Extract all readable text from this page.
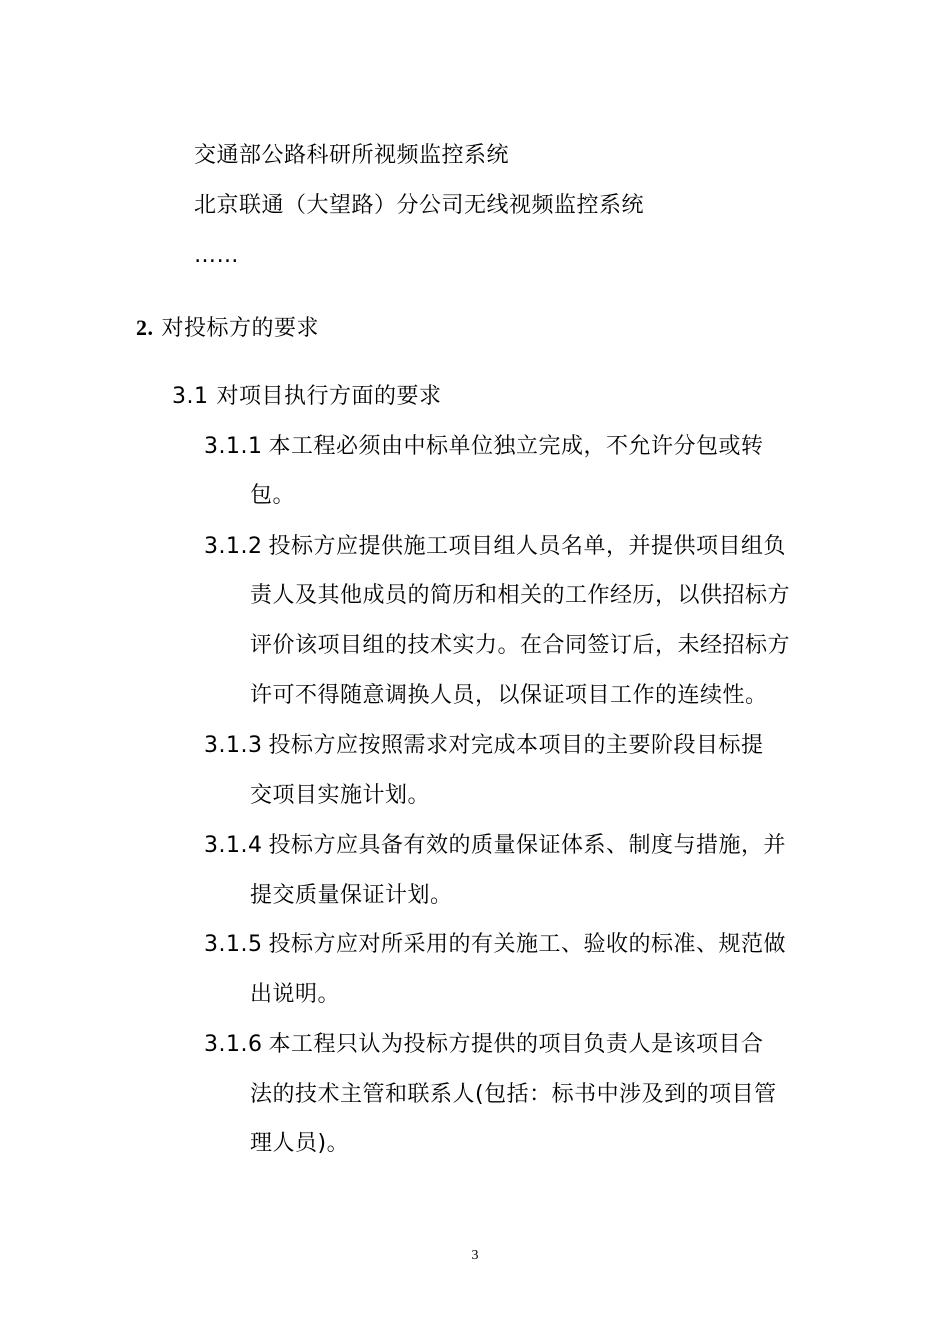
交通部公路科研所视频监控系统
北京联通（大望路）分公司无线视频监控系统
……
2. 对投标方的要求
3.1 对项目执行方面的要求
3.1.1 本工程必须由中标单位独立完成，不允许分包或转
包。
3.1.2 投标方应提供施工项目组人员名单，并提供项目组负
责人及其他成员的简历和相关的工作经历，以供招标方
评价该项目组的技术实力。在合同签订后，未经招标方
许可不得随意调换人员，以保证项目工作的连续性。
3.1.3 投标方应按照需求对完成本项目的主要阶段目标提
交项目实施计划。
3.1.4 投标方应具备有效的质量保证体系、制度与措施，并
提交质量保证计划。
3.1.5 投标方应对所采用的有关施工、验收的标准、规范做
出说明。
3.1.6 本工程只认为投标方提供的项目负责人是该项目合
法的技术主管和联系人(包括：标书中涉及到的项目管
理人员)。
3
